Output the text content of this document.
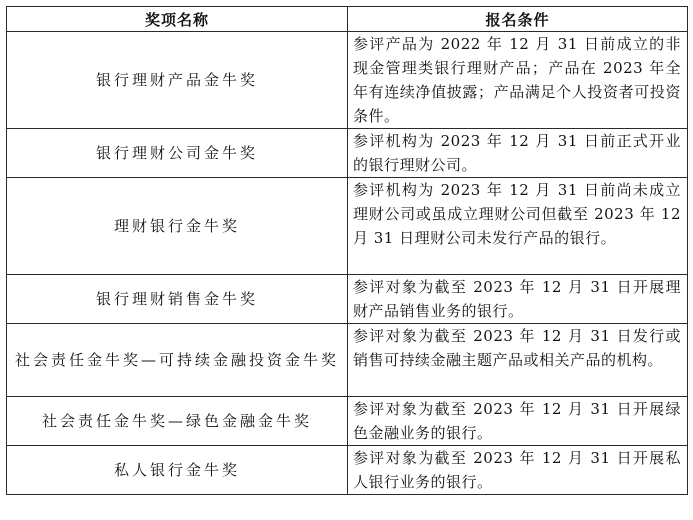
奖项名称	报名条件
银行理财产品金牛奖	参评产品为 2022 年 12 月 31 日前成立的非现金管理类银行理财产品；产品在 2023 年全年有连续净值披露；产品满足个人投资者可投资条件。
银行理财公司金牛奖	参评机构为 2023 年 12 月 31 日前正式开业的银行理财公司。
理财银行金牛奖	参评机构为 2023 年 12 月 31 日前尚未成立理财公司或虽成立理财公司但截至 2023 年 12 月 31 日理财公司未发行产品的银行。
银行理财销售金牛奖	参评对象为截至 2023 年 12 月 31 日开展理财产品销售业务的银行。
社会责任金牛奖—可持续金融投资金牛奖	参评对象为截至 2023 年 12 月 31 日发行或销售可持续金融主题产品或相关产品的机构。
社会责任金牛奖—绿色金融金牛奖	参评对象为截至 2023 年 12 月 31 日开展绿色金融业务的银行。
私人银行金牛奖	参评对象为截至 2023 年 12 月 31 日开展私人银行业务的银行。
